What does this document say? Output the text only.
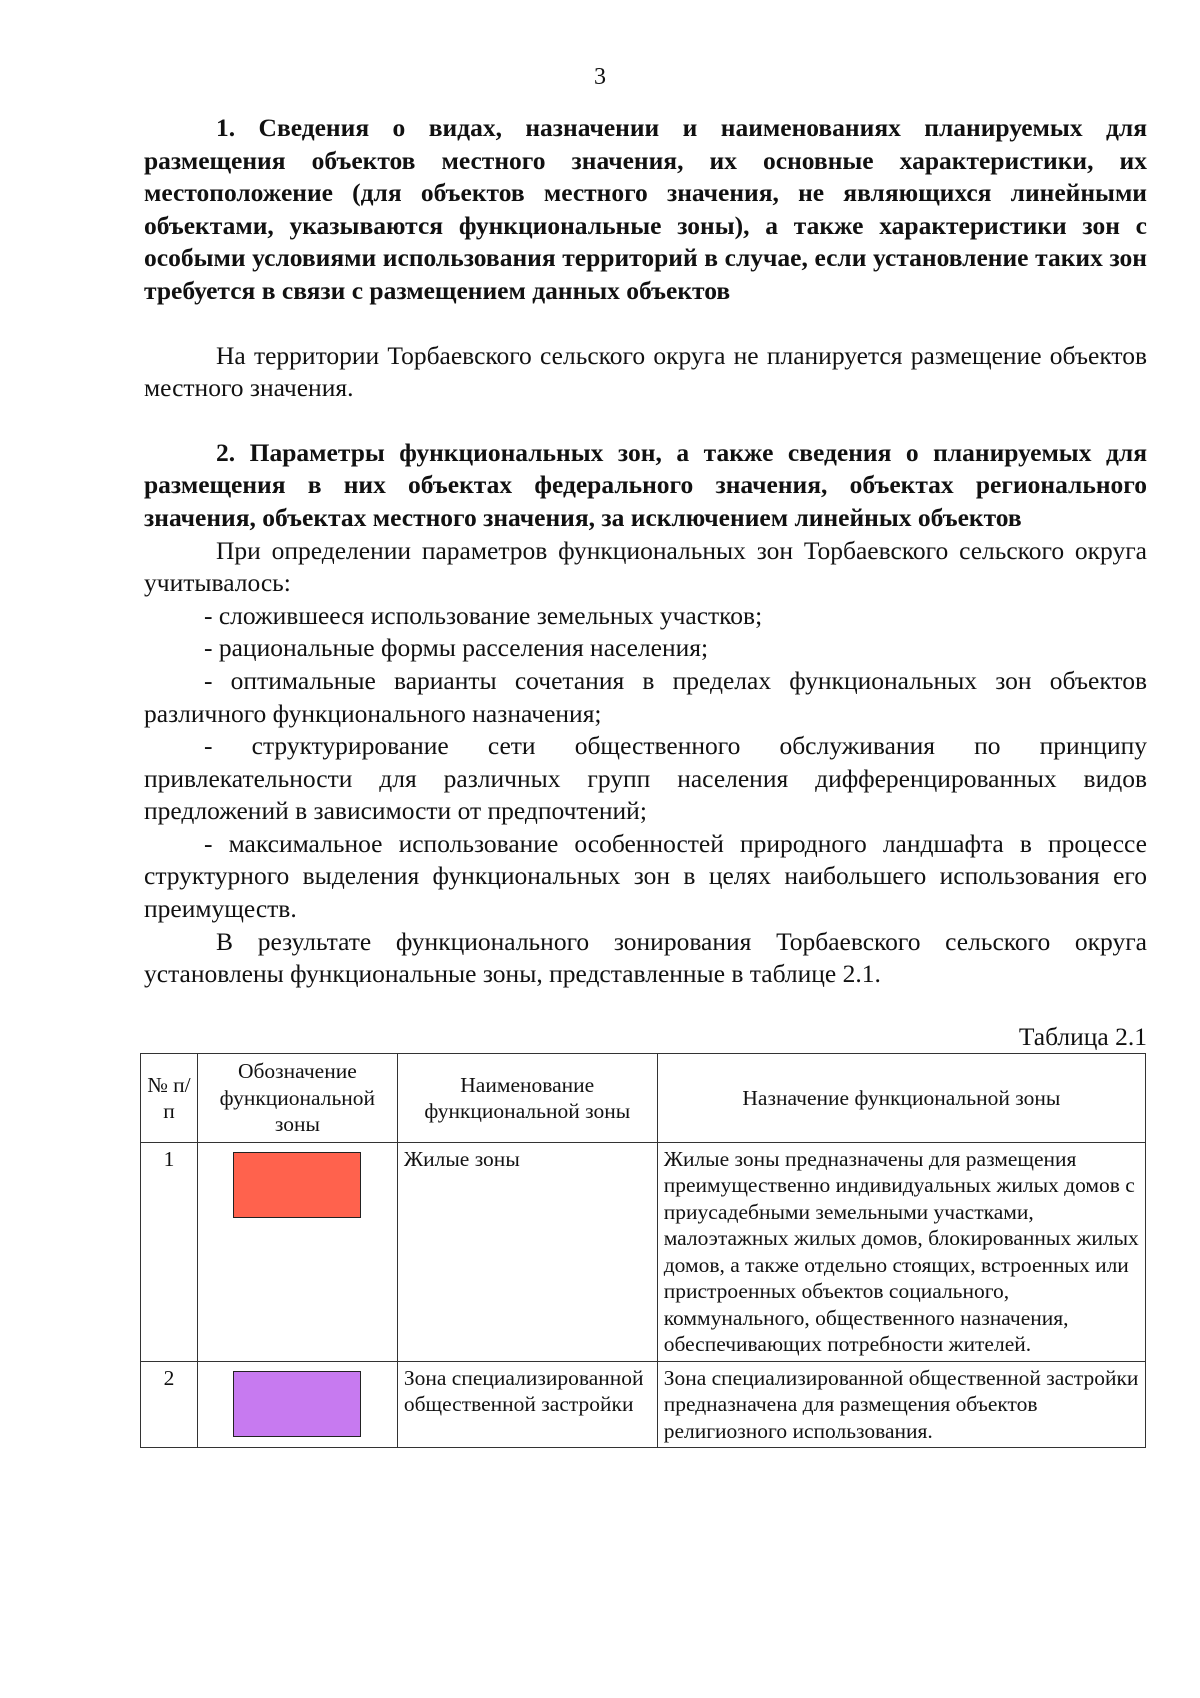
3

1. Сведения о видах, назначении и наименованиях планируемых для размещения объектов местного значения, их основные характеристики, их местоположение (для объектов местного значения, не являющихся линейными объектами, указываются функциональные зоны), а также характеристики зон с особыми условиями использования территорий в случае, если установление таких зон требуется в связи с размещением данных объектов

На территории Торбаевского сельского округа не планируется размещение объектов местного значения.

2. Параметры функциональных зон, а также сведения о планируемых для размещения в них объектах федерального значения, объектах регионального значения, объектах местного значения, за исключением линейных объектов

При определении параметров функциональных зон Торбаевского сельского округа учитывалось:

- сложившееся использование земельных участков;

- рациональные формы расселения населения;

- оптимальные варианты сочетания в пределах функциональных зон объектов различного функционального назначения;

- структурирование сети общественного обслуживания по принципу привлекательности для различных групп населения дифференцированных видов предложений в зависимости от предпочтений;

- максимальное использование особенностей природного ландшафта в процессе структурного выделения функциональных зон в целях наибольшего использования его преимуществ.

В результате функционального зонирования Торбаевского сельского округа установлены функциональные зоны, представленные в таблице 2.1.

Таблица 2.1

№ п/п	Обозначение функциональной зоны	Наименование функциональной зоны	Назначение функциональной зоны
1		Жилые зоны	Жилые зоны предназначены для размещения преимущественно индивидуальных жилых домов с приусадебными земельными участками, малоэтажных жилых домов, блокированных жилых домов, а также отдельно стоящих, встроенных или пристроенных объектов социального, коммунального, общественного назначения, обеспечивающих потребности жителей.
2		Зона специализированной общественной застройки	Зона специализированной общественной застройки предназначена для размещения объектов религиозного использования.
